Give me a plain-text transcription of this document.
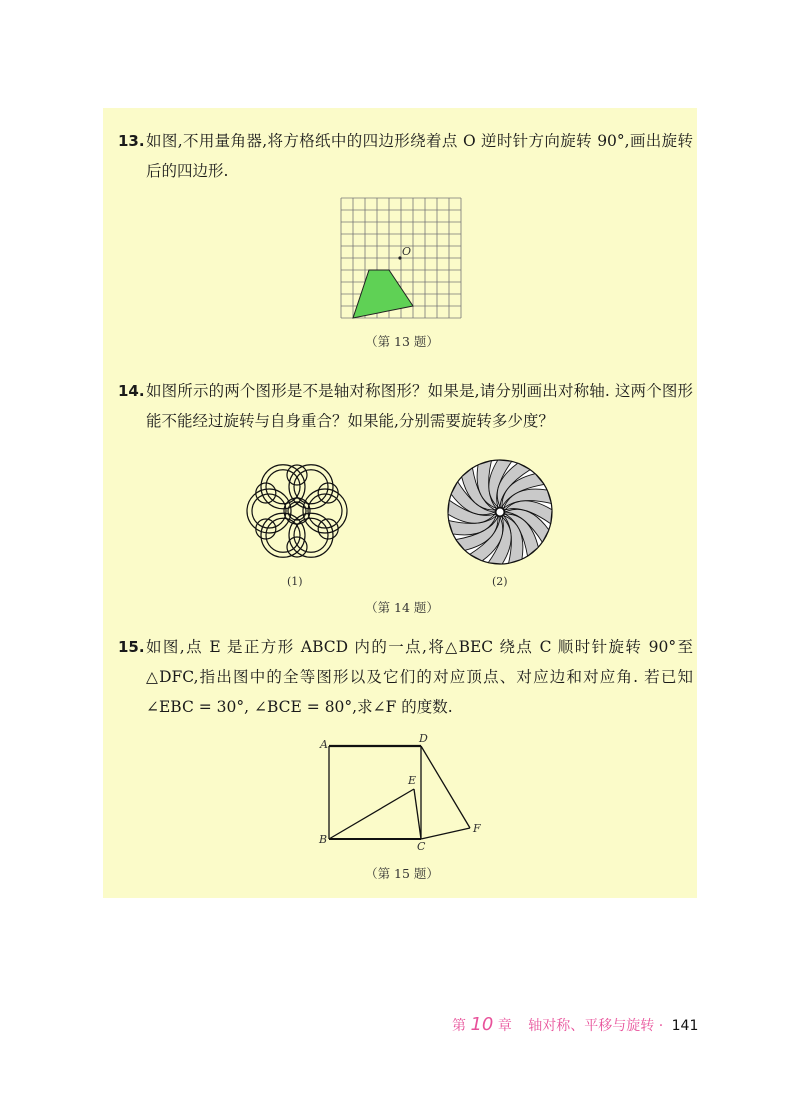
13. 如图,不用量角器,将方格纸中的四边形绕着点 O 逆时针方向旋转 90°,画出旋转后的四边形.
O
（第 13 题）
14. 如图所示的两个图形是不是轴对称图形？如果是,请分别画出对称轴. 这两个图形能不能经过旋转与自身重合？如果能,分别需要旋转多少度？
(1)	(2)
（第 14 题）
15. 如图,点 E 是正方形 ABCD 内的一点,将△BEC 绕点 C 顺时针旋转 90°至△DFC,指出图中的全等图形以及它们的对应顶点、对应边和对应角. 若已知∠EBC = 30°, ∠BCE = 80°,求∠F 的度数.
A	D
E
B
C
F
（第 15 题）
第 10 章 轴对称、平移与旋转 · 141
